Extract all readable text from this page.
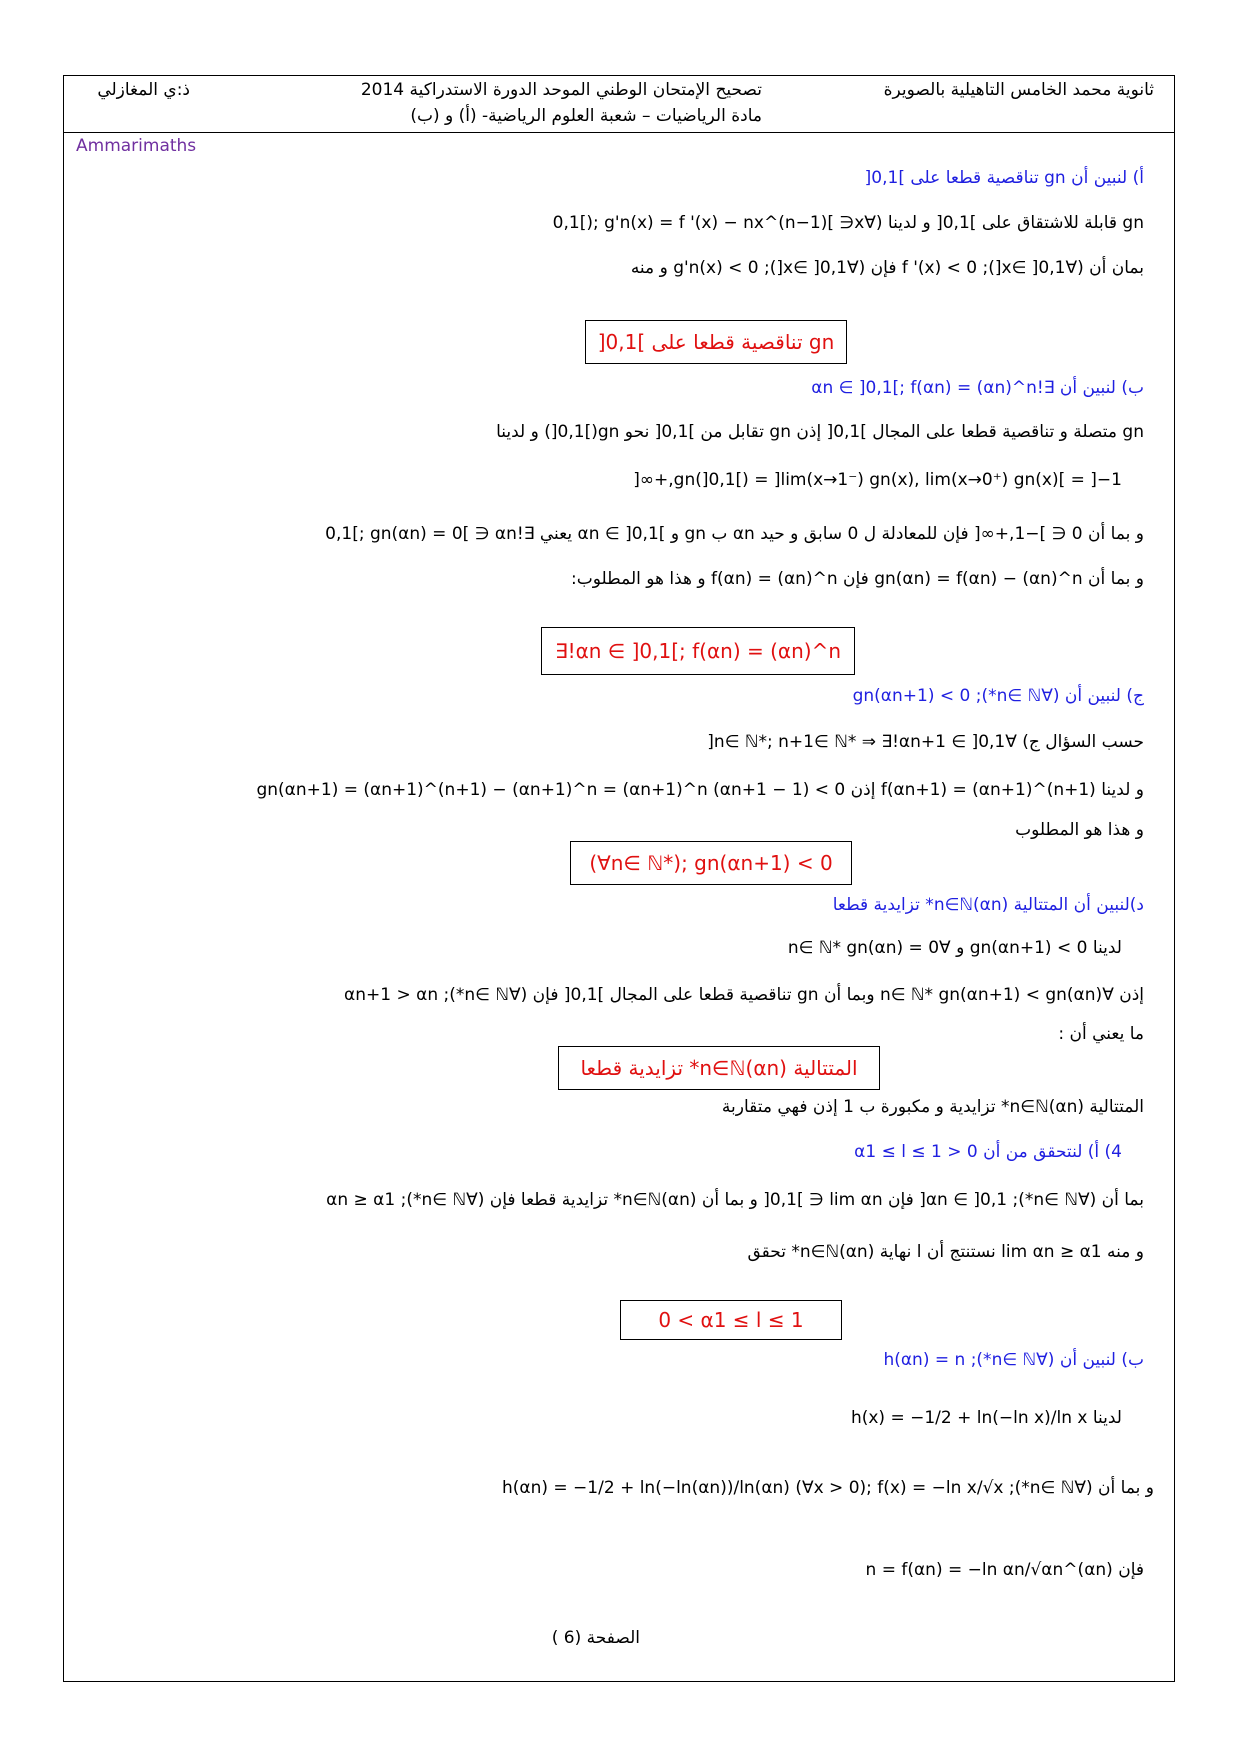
ثانوية محمد الخامس التاهيلية بالصويرة
تصحيح الإمتحان الوطني الموحد الدورة الاستدراكية 2014
مادة الرياضيات – شعبة العلوم الرياضية- (أ) و (ب)
ذ:ي المغازلي
Ammarimaths
أ) لنبين أن gn تناقصية قطعا على ]0,1[
gn قابلة للاشتقاق على ]0,1[ و لدينا (∀x∈ ]0,1[); g'n(x) = f '(x) − nx^(n−1)
بمان أن (∀x∈ ]0,1[); f '(x) < 0 فإن (∀x∈ ]0,1[); g'n(x) < 0 و منه
gn تناقصية قطعا على ]0,1[
ب) لنبين أن ∃!αn ∈ ]0,1[; f(αn) = (αn)^n
gn متصلة و تناقصية قطعا على المجال ]0,1[ إذن gn تقابل من ]0,1[ نحو gn(]0,1[) و لدينا
gn(]0,1[) = ]lim(x→1⁻) gn(x), lim(x→0⁺) gn(x)[ = ]−1,+∞[
و بما أن 0 ∈ ]−1,+∞[ فإن للمعادلة ل 0 سابق و حيد αn ب gn و ]0,1[ ∋ αn يعني ∃!αn ∈ ]0,1[; gn(αn) = 0
و بما أن gn(αn) = f(αn) − (αn)^n فإن f(αn) = (αn)^n و هذا هو المطلوب:
∃!αn ∈ ]0,1[; f(αn) = (αn)^n
ج) لنبين أن (∀n∈ ℕ*); gn(αn+1) < 0
حسب السؤال ج) ∀n∈ ℕ*; n+1∈ ℕ* ⇒ ∃!αn+1 ∈ ]0,1[
و لدينا f(αn+1) = (αn+1)^(n+1) إذن gn(αn+1) = (αn+1)^(n+1) − (αn+1)^n = (αn+1)^n (αn+1 − 1) < 0
و هذا هو المطلوب
(∀n∈ ℕ*); gn(αn+1) < 0
د)لنبين أن المتتالية (αn)n∈ℕ* تزايدية قطعا
لدينا gn(αn+1) < 0 و ∀n∈ ℕ* gn(αn) = 0
إذن ∀n∈ ℕ* gn(αn+1) < gn(αn) وبما أن gn تناقصية قطعا على المجال ]0,1[ فإن (∀n∈ ℕ*); αn+1 > αn
ما يعني أن :
المتتالية (αn)n∈ℕ* تزايدية قطعا
المتتالية (αn)n∈ℕ* تزايدية و مكبورة ب 1 إذن فهي متقاربة
4) أ) لنتحقق من أن 0 < α1 ≤ l ≤ 1
بما أن (∀n∈ ℕ*); αn ∈ ]0,1[ فإن lim αn ∈ ]0,1[ و بما أن (αn)n∈ℕ* تزايدية قطعا فإن (∀n∈ ℕ*); αn ≥ α1
و منه lim αn ≥ α1 نستنتج أن l نهاية (αn)n∈ℕ* تحقق
0 < α1 ≤ l ≤ 1
ب) لنبين أن (∀n∈ ℕ*); h(αn) = n
لدينا h(x) = −1/2 + ln(−ln x)/ln x
و بما أن (∀n∈ ℕ*); h(αn) = −1/2 + ln(−ln(αn))/ln(αn) (∀x > 0); f(x) = −ln x/√x
فإن (αn)^n = f(αn) = −ln αn/√αn
الصفحة (6 )
